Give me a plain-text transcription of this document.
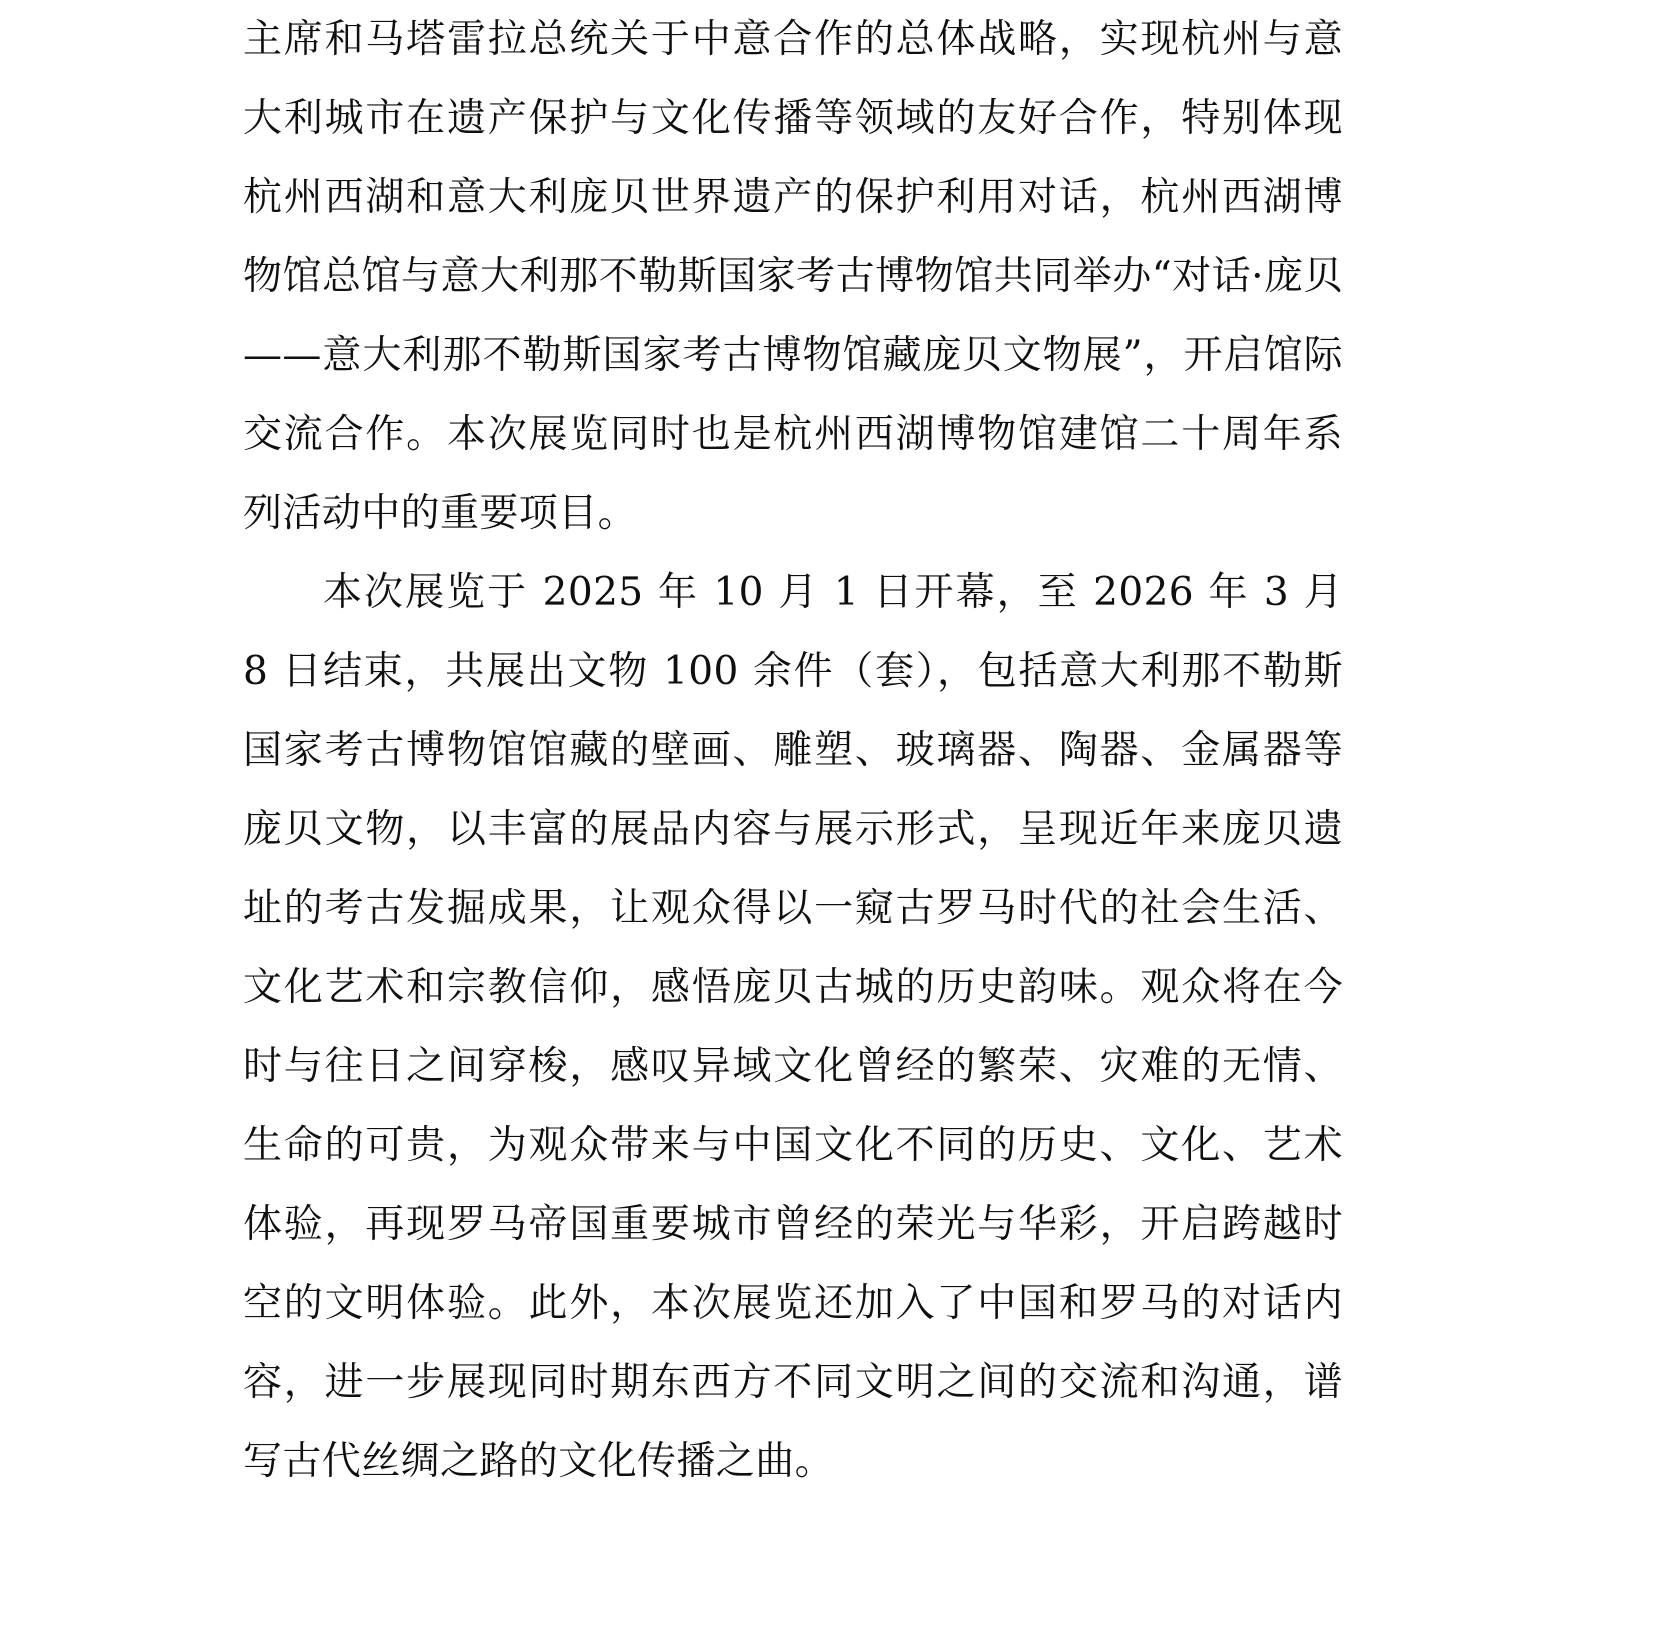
主席和马塔雷拉总统关于中意合作的总体战略，实现杭州与意大利城市在遗产保护与文化传播等领域的友好合作，特别体现杭州西湖和意大利庞贝世界遗产的保护利用对话，杭州西湖博物馆总馆与意大利那不勒斯国家考古博物馆共同举办“对话·庞贝——意大利那不勒斯国家考古博物馆藏庞贝文物展”，开启馆际交流合作。本次展览同时也是杭州西湖博物馆建馆二十周年系列活动中的重要项目。

本次展览于 2025 年 10 月 1 日开幕，至 2026 年 3 月 8 日结束，共展出文物 100 余件（套），包括意大利那不勒斯国家考古博物馆馆藏的壁画、雕塑、玻璃器、陶器、金属器等庞贝文物，以丰富的展品内容与展示形式，呈现近年来庞贝遗址的考古发掘成果，让观众得以一窥古罗马时代的社会生活、文化艺术和宗教信仰，感悟庞贝古城的历史韵味。观众将在今时与往日之间穿梭，感叹异域文化曾经的繁荣、灾难的无情、生命的可贵，为观众带来与中国文化不同的历史、文化、艺术体验，再现罗马帝国重要城市曾经的荣光与华彩，开启跨越时空的文明体验。此外，本次展览还加入了中国和罗马的对话内容，进一步展现同时期东西方不同文明之间的交流和沟通，谱写古代丝绸之路的文化传播之曲。
